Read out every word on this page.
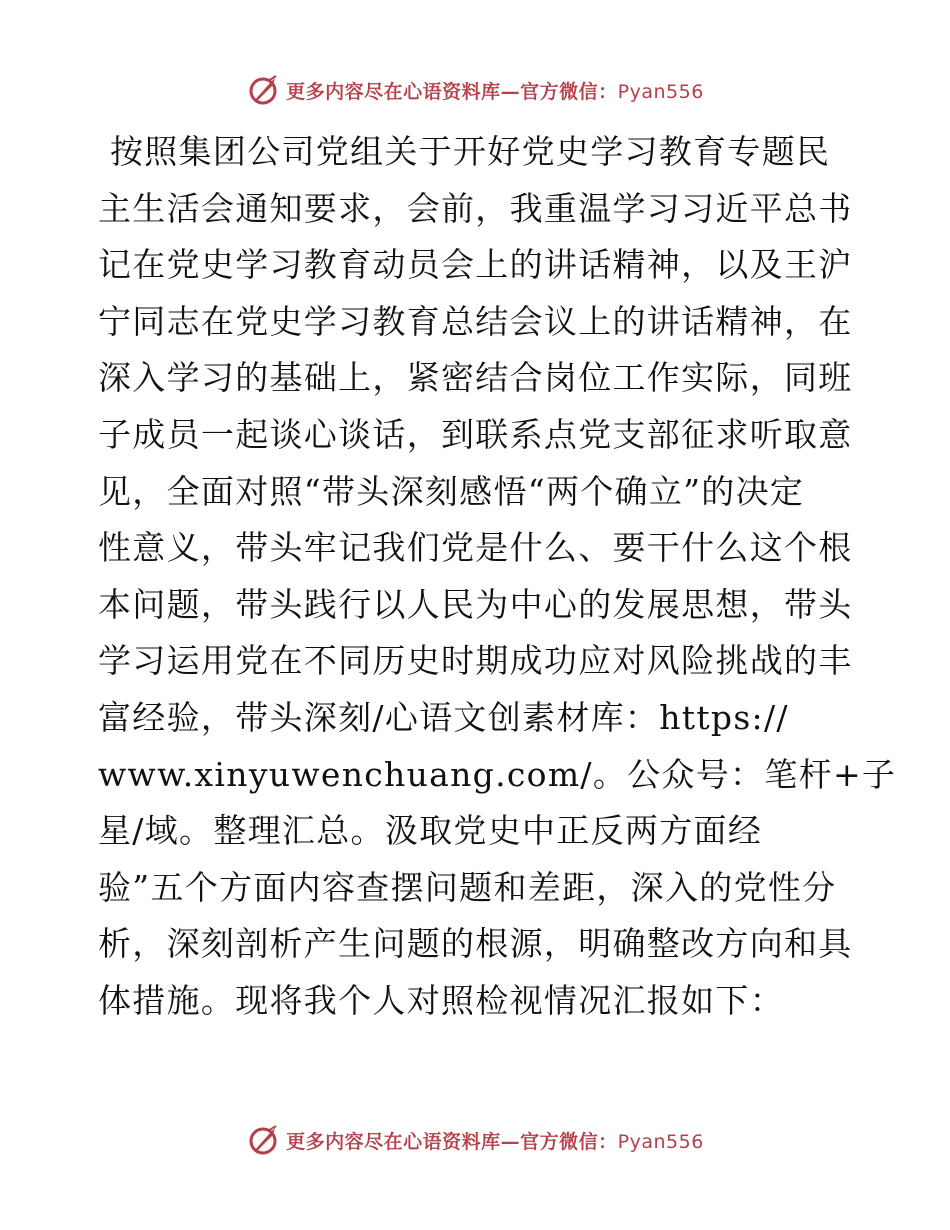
更多内容尽在心语资料库—官方微信：Pyan556
按照集团公司党组关于开好党史学习教育专题民
主生活会通知要求，会前，我重温学习习近平总书
记在党史学习教育动员会上的讲话精神，以及王沪
宁同志在党史学习教育总结会议上的讲话精神，在
深入学习的基础上，紧密结合岗位工作实际，同班
子成员一起谈心谈话，到联系点党支部征求听取意
见，全面对照“带头深刻感悟“两个确立”的决定
性意义，带头牢记我们党是什么、要干什么这个根
本问题，带头践行以人民为中心的发展思想，带头
学习运用党在不同历史时期成功应对风险挑战的丰
富经验，带头深刻/心语文创素材库：https://
www.xinyuwenchuang.com/。公众号：笔杆+子
星/域。整理汇总。汲取党史中正反两方面经
验”五个方面内容查摆问题和差距，深入的党性分
析，深刻剖析产生问题的根源，明确整改方向和具
体措施。现将我个人对照检视情况汇报如下：
更多内容尽在心语资料库—官方微信：Pyan556
